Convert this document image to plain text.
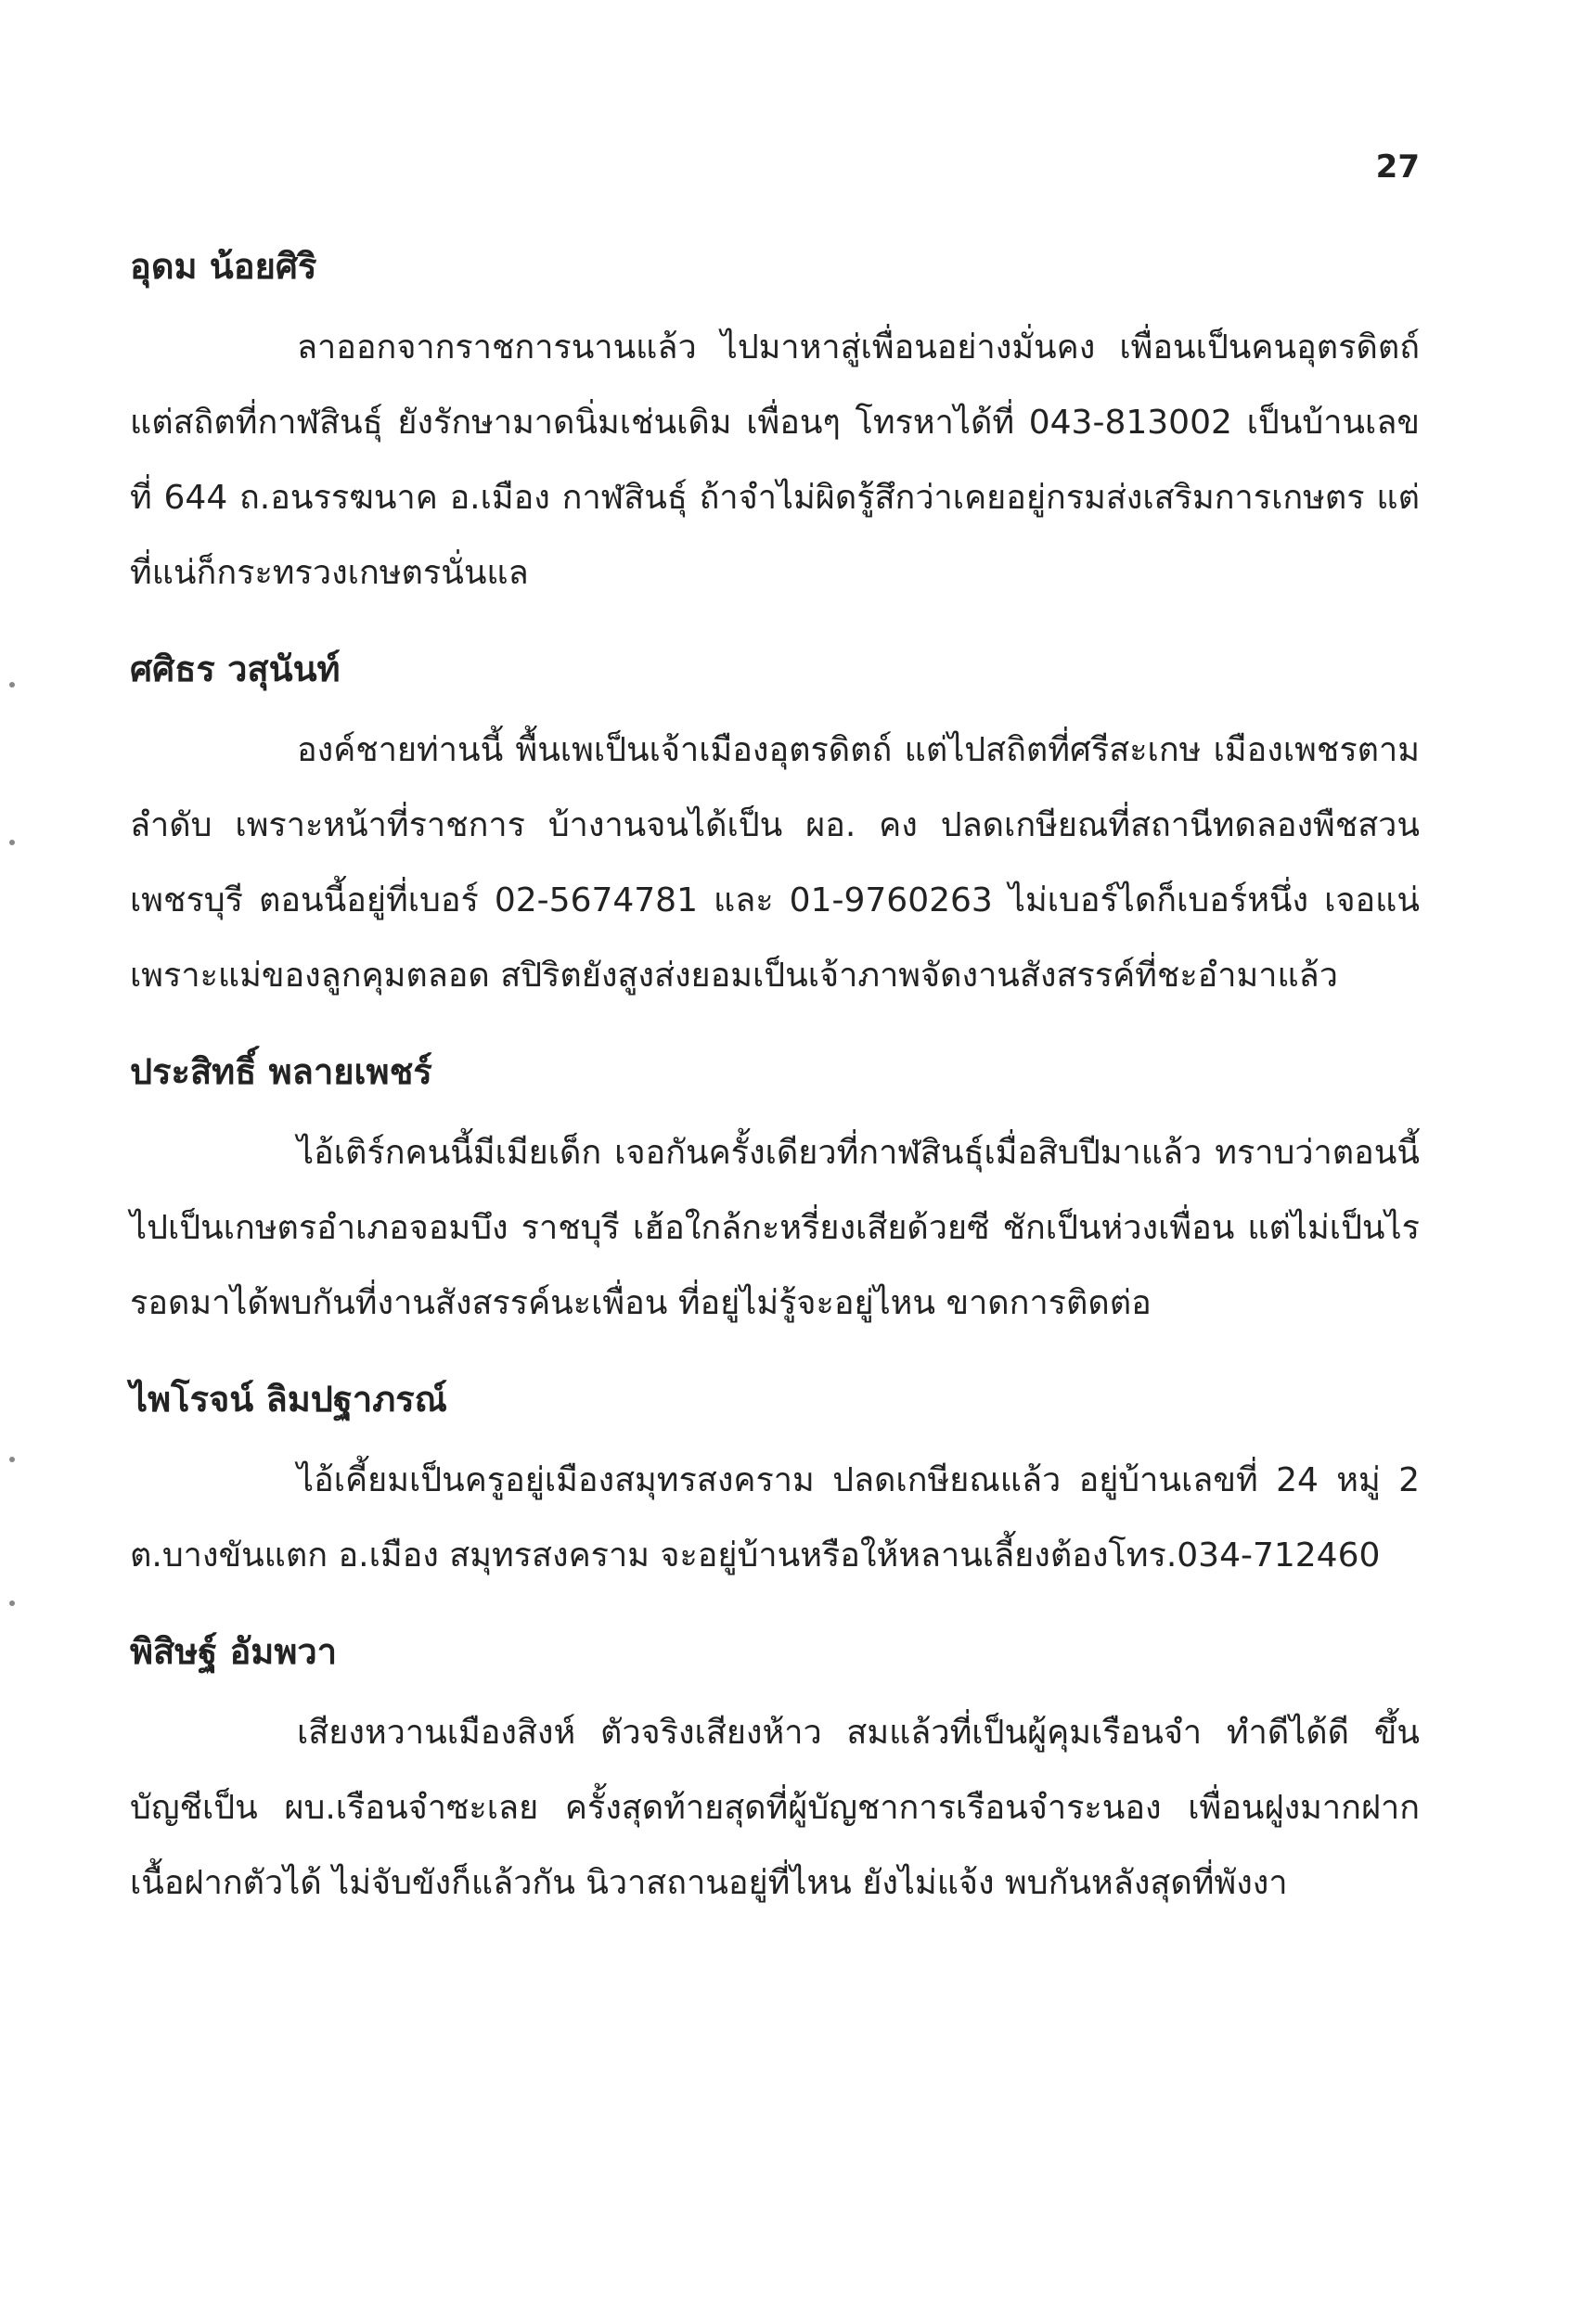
27
อุดม น้อยศิริ

ลาออกจากราชการนานแล้ว ไปมาหาสู่เพื่อนอย่างมั่นคง เพื่อนเป็นคนอุตรดิตถ์ แต่สถิตที่กาฬสินธุ์ ยังรักษามาดนิ่มเช่นเดิม เพื่อนๆ โทรหาได้ที่ 043-813002 เป็นบ้านเลขที่ 644 ถ.อนรรฆนาค อ.เมือง กาฬสินธุ์ ถ้าจำไม่ผิดรู้สึกว่าเคยอยู่กรมส่งเสริมการเกษตร แต่ที่แน่ก็กระทรวงเกษตรนั่นแล

ศศิธร วสุนันท์

องค์ชายท่านนี้ พื้นเพเป็นเจ้าเมืองอุตรดิตถ์ แต่ไปสถิตที่ศรีสะเกษ เมืองเพชรตามลำดับ เพราะหน้าที่ราชการ บ้างานจนได้เป็น ผอ. คง ปลดเกษียณที่สถานีทดลองพืชสวนเพชรบุรี ตอนนี้อยู่ที่เบอร์ 02-5674781 และ 01-9760263 ไม่เบอร์ไดก็เบอร์หนึ่ง เจอแน่ เพราะแม่ของลูกคุมตลอด สปิริตยังสูงส่งยอมเป็นเจ้าภาพจัดงานสังสรรค์ที่ชะอำมาแล้ว

ประสิทธิ์ พลายเพชร์

ไอ้เติร์กคนนี้มีเมียเด็ก เจอกันครั้งเดียวที่กาฬสินธุ์เมื่อสิบปีมาแล้ว ทราบว่าตอนนี้ไปเป็นเกษตรอำเภอจอมบึง ราชบุรี เฮ้อใกล้กะหรี่ยงเสียด้วยซี ชักเป็นห่วงเพื่อน แต่ไม่เป็นไร รอดมาได้พบกันที่งานสังสรรค์นะเพื่อน ที่อยู่ไม่รู้จะอยู่ไหน ขาดการติดต่อ

ไพโรจน์ ลิมปฐาภรณ์

ไอ้เคี้ยมเป็นครูอยู่เมืองสมุทรสงคราม ปลดเกษียณแล้ว อยู่บ้านเลขที่ 24 หมู่ 2 ต.บางขันแตก อ.เมือง สมุทรสงคราม จะอยู่บ้านหรือให้หลานเลี้ยงต้องโทร.034-712460

พิสิษฐ์ อัมพวา

เสียงหวานเมืองสิงห์ ตัวจริงเสียงห้าว สมแล้วที่เป็นผู้คุมเรือนจำ ทำดีได้ดี ขึ้นบัญชีเป็น ผบ.เรือนจำซะเลย ครั้งสุดท้ายสุดที่ผู้บัญชาการเรือนจำระนอง เพื่อนฝูงมากฝากเนื้อฝากตัวได้ ไม่จับขังก็แล้วกัน นิวาสถานอยู่ที่ไหน ยังไม่แจ้ง พบกันหลังสุดที่พังงา
